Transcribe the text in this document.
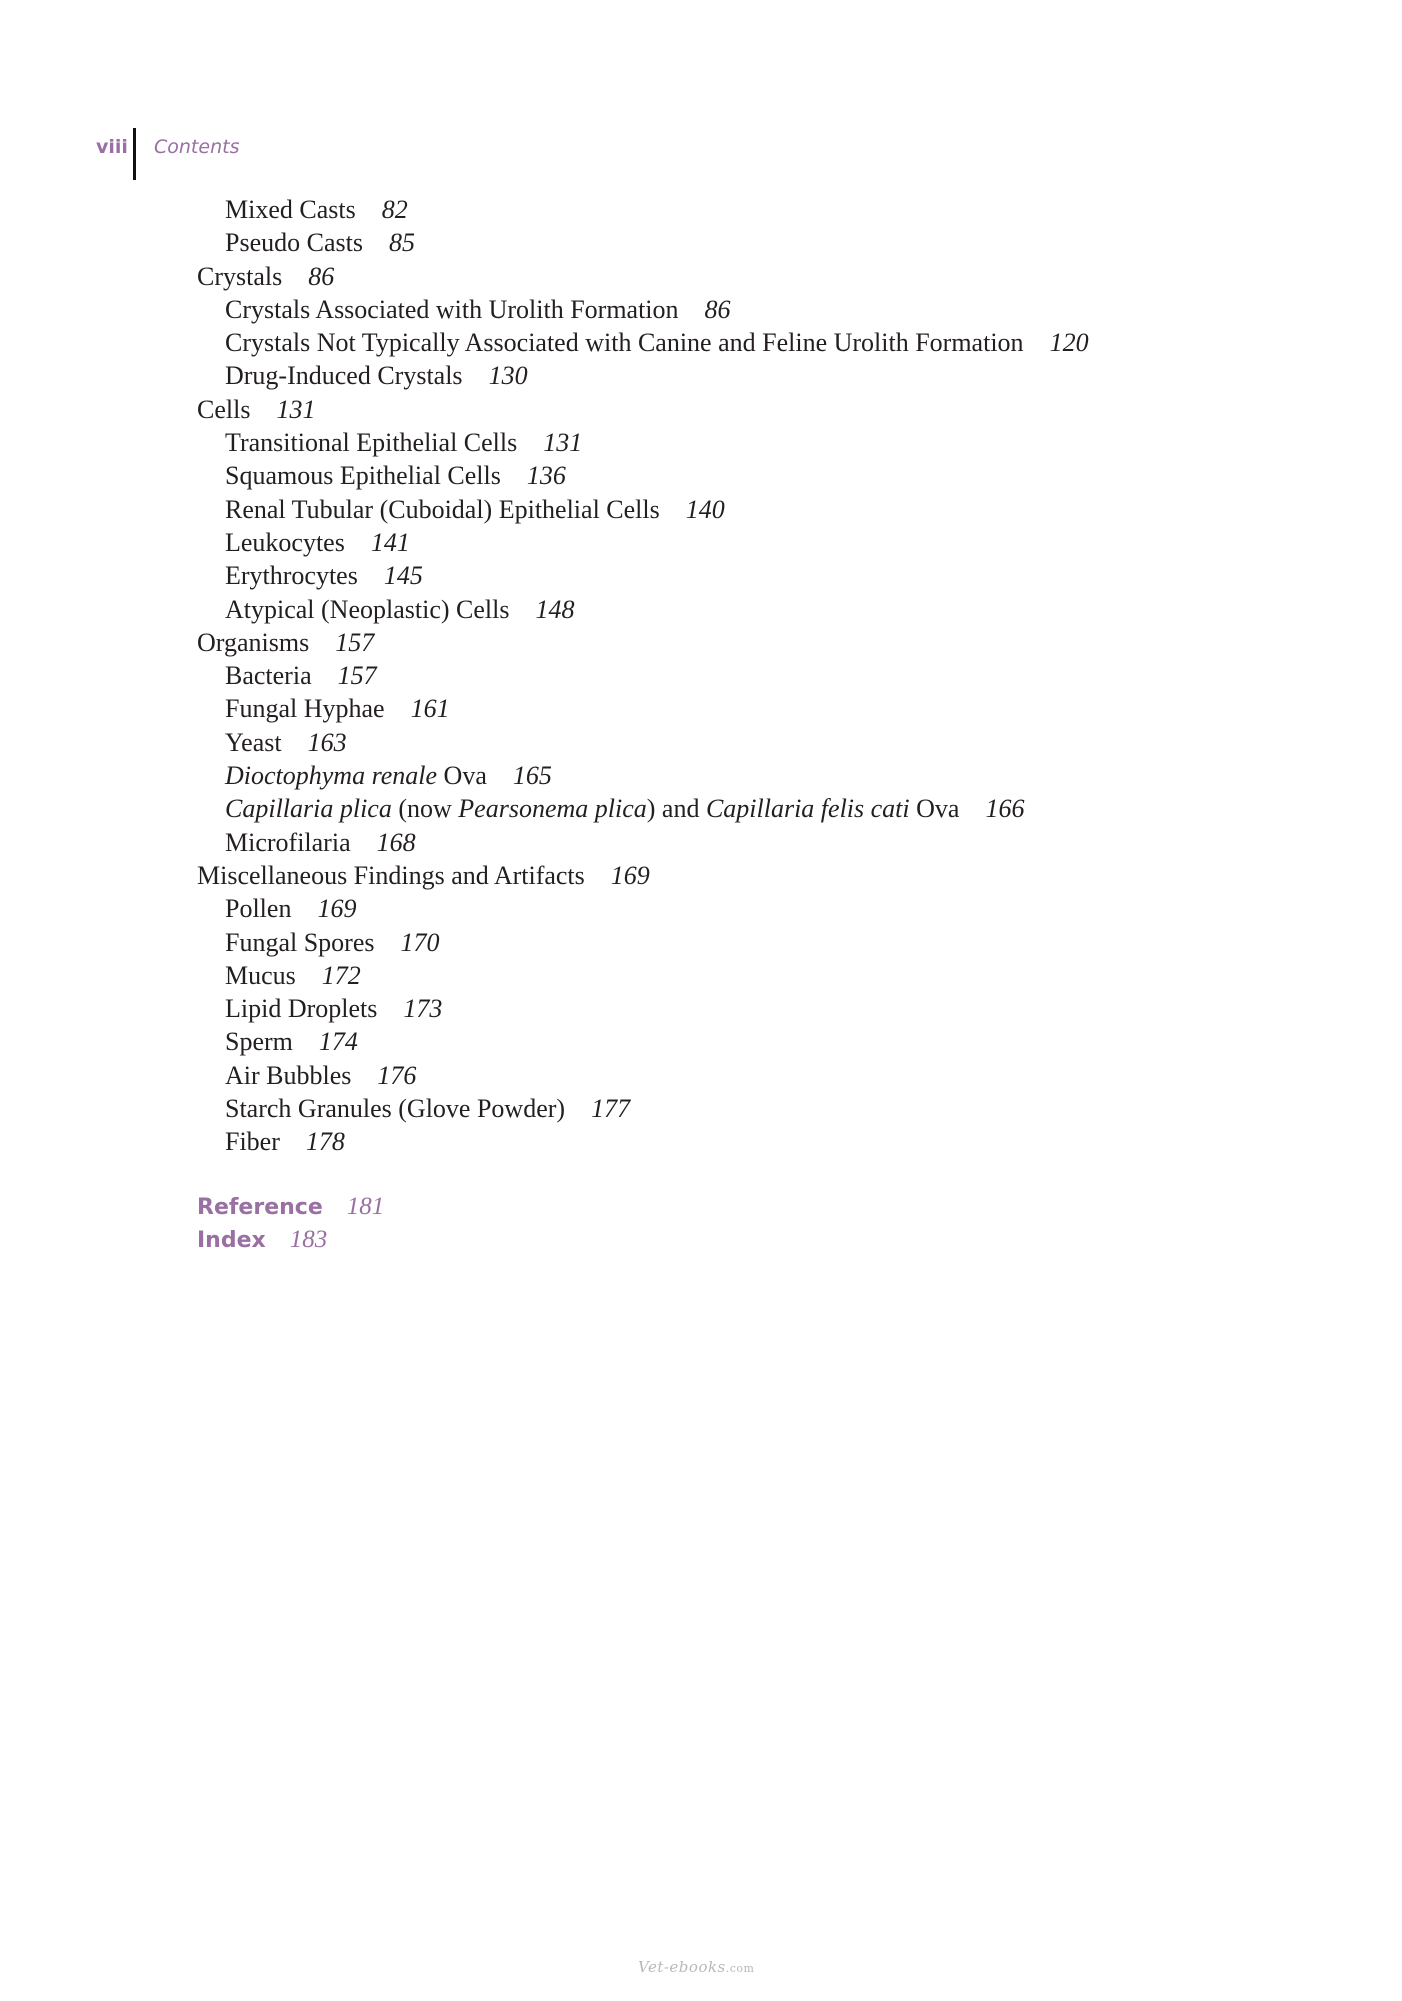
viii Contents
Mixed Casts 82
Pseudo Casts 85
Crystals 86
Crystals Associated with Urolith Formation 86
Crystals Not Typically Associated with Canine and Feline Urolith Formation 120
Drug-Induced Crystals 130
Cells 131
Transitional Epithelial Cells 131
Squamous Epithelial Cells 136
Renal Tubular (Cuboidal) Epithelial Cells 140
Leukocytes 141
Erythrocytes 145
Atypical (Neoplastic) Cells 148
Organisms 157
Bacteria 157
Fungal Hyphae 161
Yeast 163
Dioctophyma renale Ova 165
Capillaria plica (now Pearsonema plica) and Capillaria felis cati Ova 166
Microfilaria 168
Miscellaneous Findings and Artifacts 169
Pollen 169
Fungal Spores 170
Mucus 172
Lipid Droplets 173
Sperm 174
Air Bubbles 176
Starch Granules (Glove Powder) 177
Fiber 178
Reference 181
Index 183
Vet-ebooks.com
